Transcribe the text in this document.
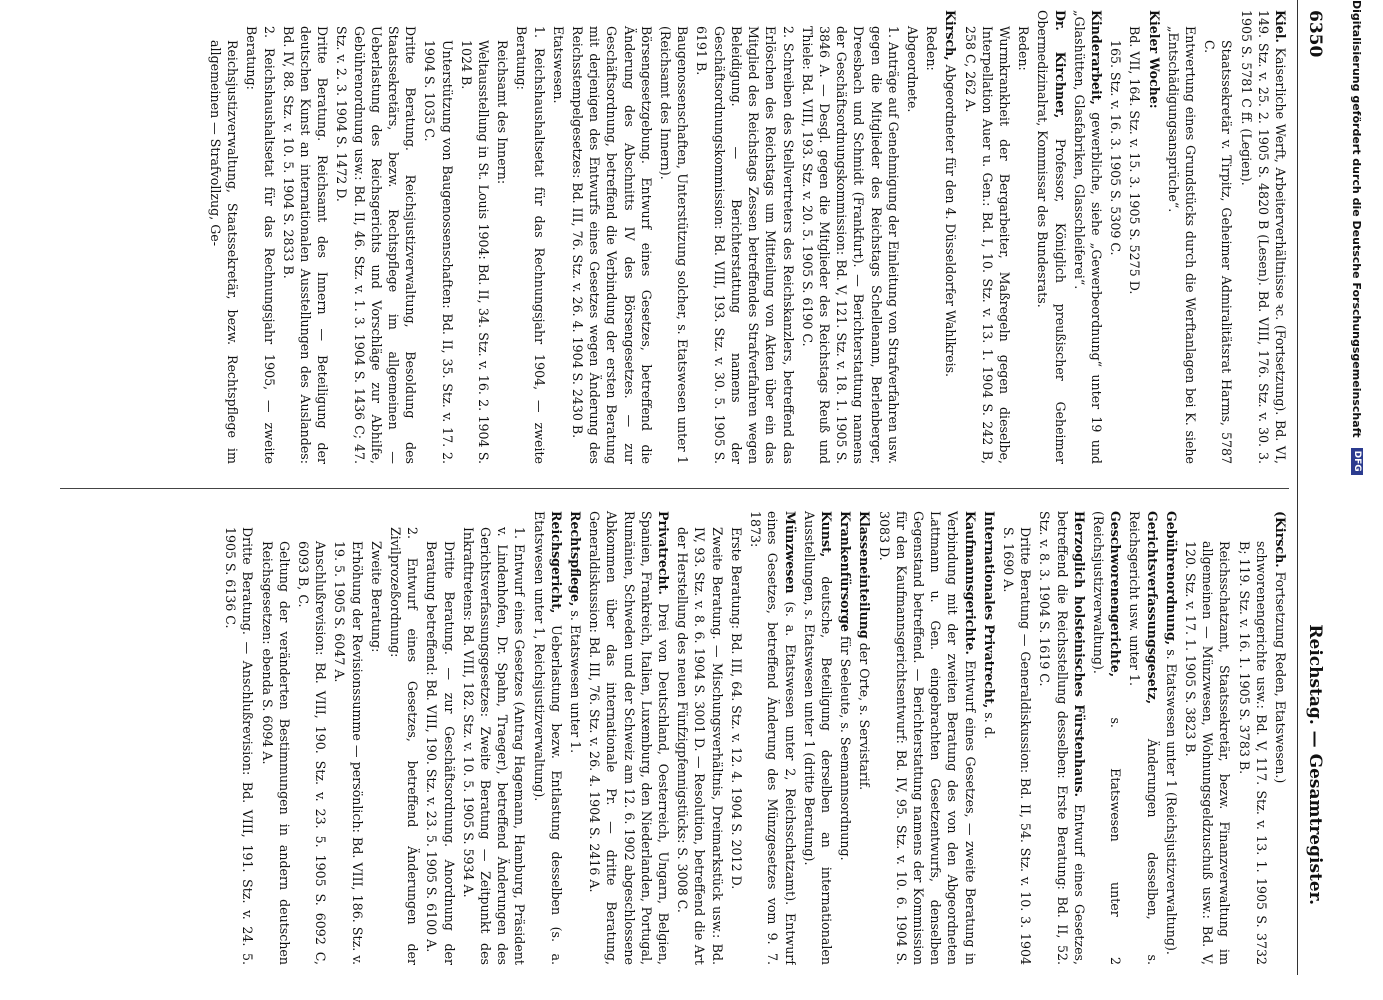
6350
Reichstag. — Gesamtregister.
Kiel. Kaiserliche Werft, Arbeiterverhältnisse ꝛc. (Fortsetzung). Bd. VI, 149. Stz. v. 25. 2. 1905 S. 4820 B (Lesen). Bd. VIII, 176. Stz. v. 30. 3. 1905 S. 5781 C ff. (Legien).
Staatssekretär v. Tirpitz, Geheimer Admiralitätsrat Harms, 5787 C.
Entwertung eines Grundstücks durch die Werftanlagen bei K. siehe „Entschädigungsansprüche“.
Kieler Woche:
Bd. VII, 164. Stz. v. 15. 3. 1905 S. 5275 D.
165. Stz. v. 16. 3. 1905 S. 5309 C.
Kinderarbeit, gewerbliche, siehe „Gewerbeordnung“ unter 19 und „Glashütten, Glasfabriken, Glasschleiferei“.
Dr. Kirchner, Professor, Königlich preußischer Geheimer Obermedizinalrat, Kommissar des Bundesrats.
Reden:
Wurmkrankheit der Bergarbeiter, Maßregeln gegen dieselbe, Interpellation Auer u. Gen.: Bd. I, 10. Stz. v. 13. 1. 1904 S. 242 B, 258 C, 262 A.
Kirsch, Abgeordneter für den 4. Düsseldorfer Wahlkreis.
Reden:
Abgeordnete.
1. Anträge auf Genehmigung der Einleitung von Strafverfahren usw. gegen die Mitglieder des Reichstags Schellenann, Berlenberger, Dreesbach und Schmidt (Frankfurt). — Berichterstattung namens der Geschäftsordnungskommission: Bd. V, 121. Stz. v. 18. 1. 1905 S. 3846 A. — Desgl. gegen die Mitglieder des Reichstags Reuß und Thiele: Bd. VIII, 193. Stz. v. 20. 5. 1905 S. 6190 C.
2. Schreiben des Stellvertreters des Reichskanzlers, betreffend das Erlöschen des Reichstags um Mitteilung von Akten über ein das Mitglied des Reichstags Zessen betreffendes Strafverfahren wegen Beleidigung. — Berichterstattung namens der Geschäftsordnungskommission: Bd. VIII, 193. Stz. v. 30. 5. 1905 S. 6191 B.
Baugenossenschaften, Unterstützung solcher, s. Etatswesen unter 1 (Reichsamt des Innern).
Börsengesetzgebung. Entwurf eines Gesetzes, betreffend die Änderung des Abschnitts IV des Börsengesetzes. — zur Geschäftsordnung, betreffend die Verbindung der ersten Beratung mit derjenigen des Entwurfs eines Gesetzes wegen Änderung des Reichsstempelgesetzes: Bd. III, 76. Stz. v. 26. 4. 1904 S. 2430 B.
Etatswesen.
1. Reichshaushaltsetat für das Rechnungsjahr 1904, — zweite Beratung:
Reichsamt des Innern:
Weltausstellung in St. Louis 1904: Bd. II, 34. Stz. v. 16. 2. 1904 S. 1024 B.
Unterstützung von Baugenossenschaften: Bd. II, 35. Stz. v. 17. 2. 1904 S. 1035 C.
Dritte Beratung. Reichsjustizverwaltung, Besoldung des Staatssekretärs, bezw. Rechtspflege im allgemeinen — Ueberlastung des Reichsgerichts und Vorschläge zur Abhilfe, Gebührenordnung usw.: Bd. II, 46. Stz. v. 1. 3. 1904 S. 1436 C; 47. Stz. v. 2. 3. 1904 S. 1472 D.
Dritte Beratung. Reichsamt des Innern — Beteiligung der deutschen Kunst an internationalen Ausstellungen des Auslandes: Bd. IV, 88. Stz. v. 10. 5. 1904 S. 2833 B.
2. Reichshaushaltsetat für das Rechnungsjahr 1905, — zweite Beratung:
Reichsjustizverwaltung, Staatssekretär, bezw. Rechtspflege im allgemeinen — Strafvollzug, Ge-
(Kirsch. Fortsetzung Reden, Etatswesen.)
schworenengerichte usw.: Bd. V, 117. Stz. v. 13. 1. 1905 S. 3732 B; 119. Stz. v. 16. 1. 1905 S. 3783 B.
Reichsschatzamt, Staatssekretär, bezw. Finanzverwaltung im allgemeinen — Münzwesen, Wohnungsgeldzuschuß usw.: Bd. V, 120. Stz. v. 17. 1. 1905 S. 3823 B.
Gebührenordnung, s. Etatswesen unter 1 (Reichsjustizverwaltung).
Gerichtsverfassungsgesetz, Änderungen desselben, s. Reichsgericht usw. unter 1.
Geschworenengerichte, s. Etatswesen unter 2 (Reichsjustizverwaltung).
Herzoglich holsteinisches Fürstenhaus. Entwurf eines Gesetzes, betreffend die Reichsstellung desselben: Erste Beratung: Bd. II, 52. Stz. v. 8. 3. 1904 S. 1619 C.
Dritte Beratung — Generaldiskussion: Bd. II, 54. Stz. v. 10. 3. 1904 S. 1690 A.
Internationales Privatrecht, s. d.
Kaufmannsgerichte. Entwurf eines Gesetzes, — zweite Beratung in Verbindung mit der zweiten Beratung des von den Abgeordneten Lattmann u. Gen. eingebrachten Gesetzentwurfs, denselben Gegenstand betreffend. — Berichterstattung namens der Kommission für den Kaufmannsgerichtsentwurf: Bd. IV, 95. Stz. v. 10. 6. 1904 S. 3083 D.
Klasseneinteilung der Orte, s. Servistarif.
Krankenfürsorge für Seeleute, s. Seemannsordnung.
Kunst, deutsche, Beteiligung derselben an internationalen Ausstellungen, s. Etatswesen unter 1 (dritte Beratung).
Münzwesen (s. a. Etatswesen unter 2, Reichsschatzamt). Entwurf eines Gesetzes, betreffend Änderung des Münzgesetzes vom 9. 7. 1873:
Erste Beratung: Bd. III, 64. Stz. v. 12. 4. 1904 S. 2012 D.
Zweite Beratung. — Mischungsverhältnis, Dreimarkstück usw.: Bd. IV, 93. Stz. v. 8. 6. 1904 S. 3001 D. — Resolution, betreffend die Art der Herstellung des neuen Fünfzigpfennigstücks: S. 3008 C.
Privatrecht. Drei von Deutschland, Oesterreich, Ungarn, Belgien, Spanien, Frankreich, Italien, Luxemburg, den Niederlanden, Portugal, Rumänien, Schweden und der Schweiz am 12. 6. 1902 abgeschlossene Abkommen über das internationale Pr. — dritte Beratung, Generaldiskussion: Bd. III, 76. Stz. v. 26. 4. 1904 S. 2416 A.
Rechtspflege, s. Etatswesen unter 1.
Reichsgericht, Ueberlastung bezw. Entlastung desselben (s. a. Etatswesen unter 1, Reichsjustizverwaltung).
1. Entwurf eines Gesetzes (Antrag Hagemann, Hamburg, Präsident v. Lindenhofen, Dr. Spahn, Traeger), betreffend Änderungen des Gerichtsverfassungsgesetzes: Zweite Beratung — Zeitpunkt des Inkrafttretens: Bd. VIII, 182. Stz. v. 10. 5. 1905 S. 5934 A.
Dritte Beratung. — zur Geschäftsordnung. Anordnung der Beratung betreffend: Bd. VIII, 190. Stz. v. 23. 5. 1905 S. 6100 A.
2. Entwurf eines Gesetzes, betreffend Änderungen der Zivilprozeßordnung:
Zweite Beratung:
Erhöhung der Revisionssumme — persönlich: Bd. VIII, 186. Stz. v. 19. 5. 1905 S. 6047 A.
Anschlußrevision: Bd. VIII, 190. Stz. v. 23. 5. 1905 S. 6092 C, 6093 B, C.
Geltung der veränderten Bestimmungen in andern deutschen Reichsgesetzen: ebenda S. 6094 A.
Dritte Beratung. — Anschlußrevision: Bd. VIII, 191. Stz. v. 24. 5. 1905 S. 6136 C.
Digitalisierung gefördert durch die Deutsche Forschungsgemeinschaft
DFG
